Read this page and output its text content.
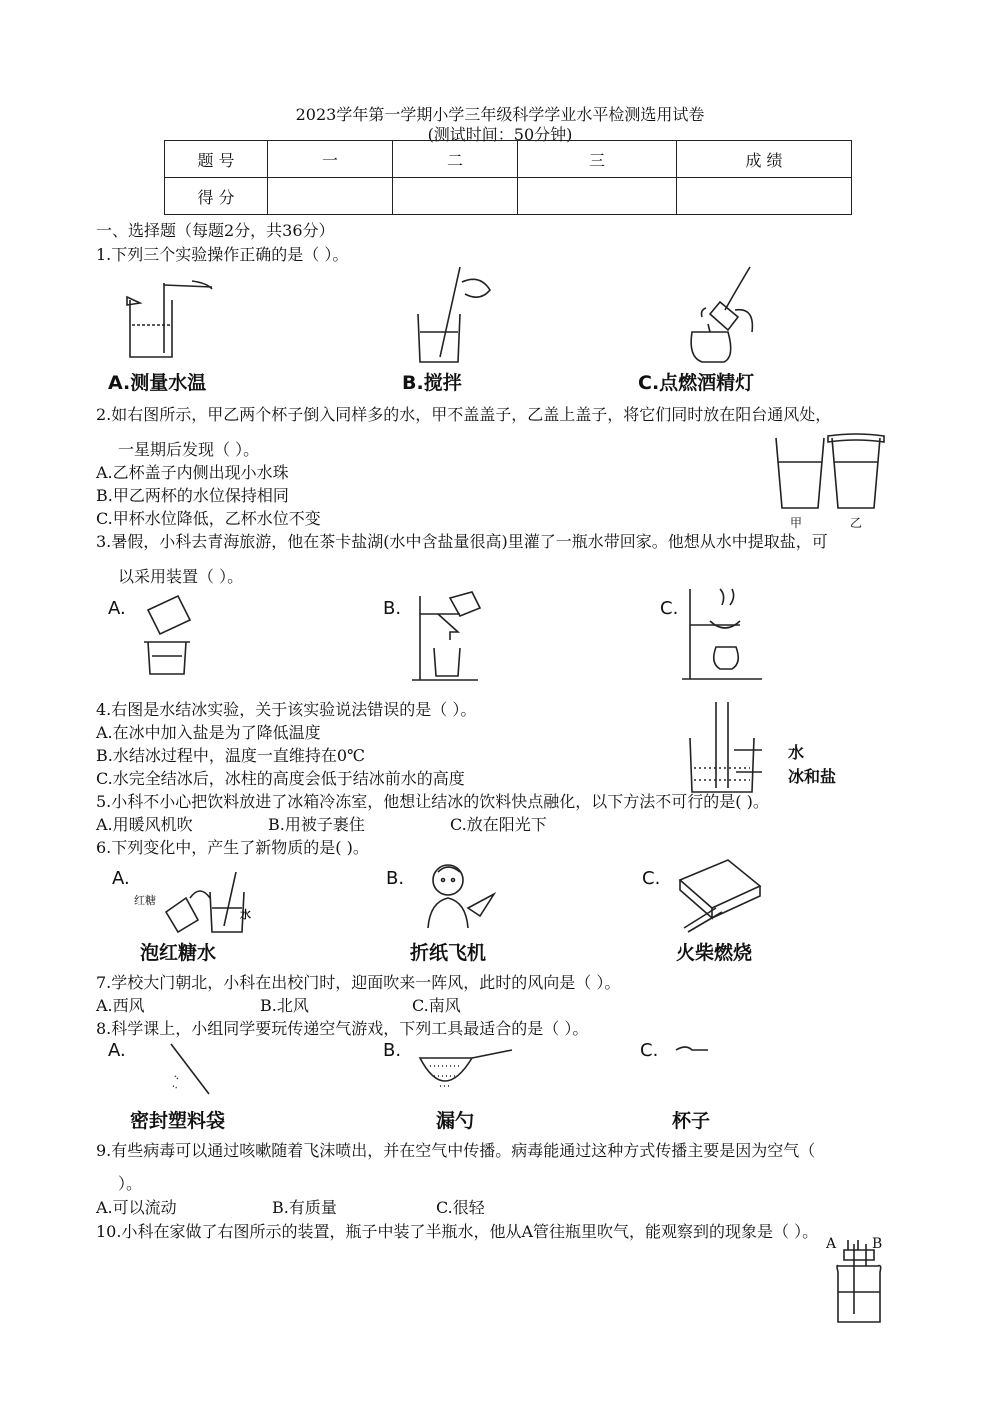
2023学年第一学期小学三年级科学学业水平检测选用试卷
(测试时间：50分钟)
题 号	一	二	三	成 绩
得 分				
一、选择题（每题2分，共36分）
1.下列三个实验操作正确的是（ ）。
A.测量水温	B.搅拌	C.点燃酒精灯
2.如右图所示，甲乙两个杯子倒入同样多的水，甲不盖盖子，乙盖上盖子，将它们同时放在阳台通风处，
一星期后发现（ ）。
A.乙杯盖子内侧出现小水珠
B.甲乙两杯的水位保持相同
C.甲杯水位降低，乙杯水位不变	甲	乙
3.暑假，小科去青海旅游，他在茶卡盐湖(水中含盐量很高)里灌了一瓶水带回家。他想从水中提取盐，可
以采用装置（ ）。
A.	B.	C.
4.右图是水结冰实验，关于该实验说法错误的是（ ）。
A.在冰中加入盐是为了降低温度
B.水结冰过程中，温度一直维持在0℃
C.水完全结冰后，冰柱的高度会低于结冰前水的高度
水
冰和盐
5.小科不小心把饮料放进了冰箱冷冻室，他想让结冰的饮料快点融化，以下方法不可行的是( )。
A.用暖风机吹	B.用被子裹住	C.放在阳光下
6.下列变化中，产生了新物质的是( )。
A.
红糖
水
B.	C.
泡红糖水	折纸飞机	火柴燃烧
7.学校大门朝北，小科在出校门时，迎面吹来一阵风，此时的风向是（ ）。
A.西风	B.北风	C.南风
8.科学课上，小组同学要玩传递空气游戏，下列工具最适合的是（ ）。
A.	B.	C.
密封塑料袋	漏勺	杯子
9.有些病毒可以通过咳嗽随着飞沫喷出，并在空气中传播。病毒能通过这种方式传播主要是因为空气（
）。
A.可以流动	B.有质量	C.很轻
10.小科在家做了右图所示的装置，瓶子中装了半瓶水，他从A管往瓶里吹气，能观察到的现象是（ ）。
A	B
